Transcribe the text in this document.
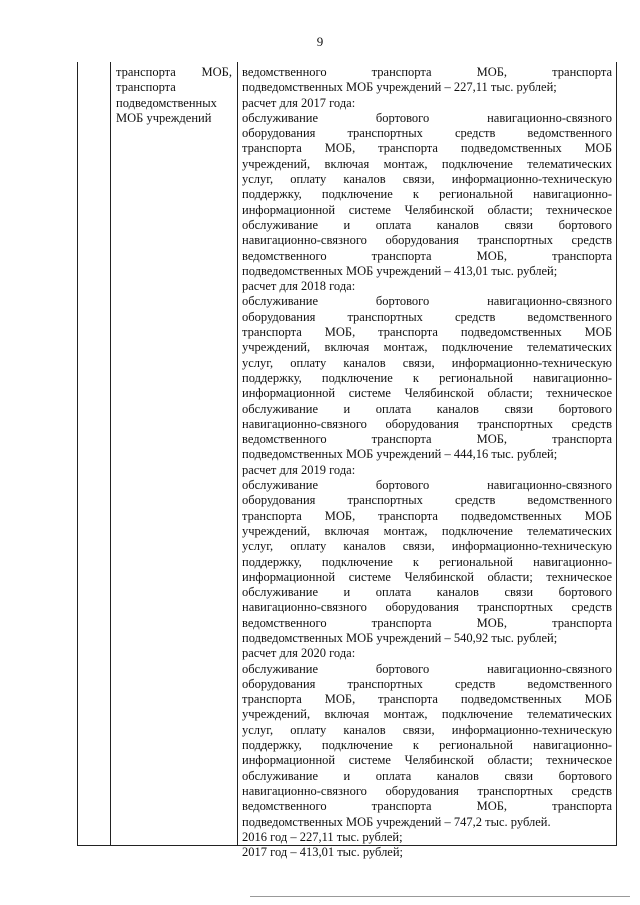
9
транспорта МОБ,
транспорта
подведомственных
МОБ учреждений
ведомственного транспорта МОБ, транспорта
подведомственных МОБ учреждений – 227,11 тыс. рублей;
расчет для 2017 года:
обслуживание бортового навигационно-связного
оборудования транспортных средств ведомственного
транспорта МОБ, транспорта подведомственных МОБ
учреждений, включая монтаж, подключение телематических
услуг, оплату каналов связи, информационно-техническую
поддержку, подключение к региональной навигационно-
информационной системе Челябинской области; техническое
обслуживание и оплата каналов связи бортового
навигационно-связного оборудования транспортных средств
ведомственного транспорта МОБ, транспорта
подведомственных МОБ учреждений – 413,01 тыс. рублей;
расчет для 2018 года:
обслуживание бортового навигационно-связного
оборудования транспортных средств ведомственного
транспорта МОБ, транспорта подведомственных МОБ
учреждений, включая монтаж, подключение телематических
услуг, оплату каналов связи, информационно-техническую
поддержку, подключение к региональной навигационно-
информационной системе Челябинской области; техническое
обслуживание и оплата каналов связи бортового
навигационно-связного оборудования транспортных средств
ведомственного транспорта МОБ, транспорта
подведомственных МОБ учреждений – 444,16 тыс. рублей;
расчет для 2019 года:
обслуживание бортового навигационно-связного
оборудования транспортных средств ведомственного
транспорта МОБ, транспорта подведомственных МОБ
учреждений, включая монтаж, подключение телематических
услуг, оплату каналов связи, информационно-техническую
поддержку, подключение к региональной навигационно-
информационной системе Челябинской области; техническое
обслуживание и оплата каналов связи бортового
навигационно-связного оборудования транспортных средств
ведомственного транспорта МОБ, транспорта
подведомственных МОБ учреждений – 540,92 тыс. рублей;
расчет для 2020 года:
обслуживание бортового навигационно-связного
оборудования транспортных средств ведомственного
транспорта МОБ, транспорта подведомственных МОБ
учреждений, включая монтаж, подключение телематических
услуг, оплату каналов связи, информационно-техническую
поддержку, подключение к региональной навигационно-
информационной системе Челябинской области; техническое
обслуживание и оплата каналов связи бортового
навигационно-связного оборудования транспортных средств
ведомственного транспорта МОБ, транспорта
подведомственных МОБ учреждений – 747,2 тыс. рублей.
2016 год – 227,11 тыс. рублей;
2017 год – 413,01 тыс. рублей;
